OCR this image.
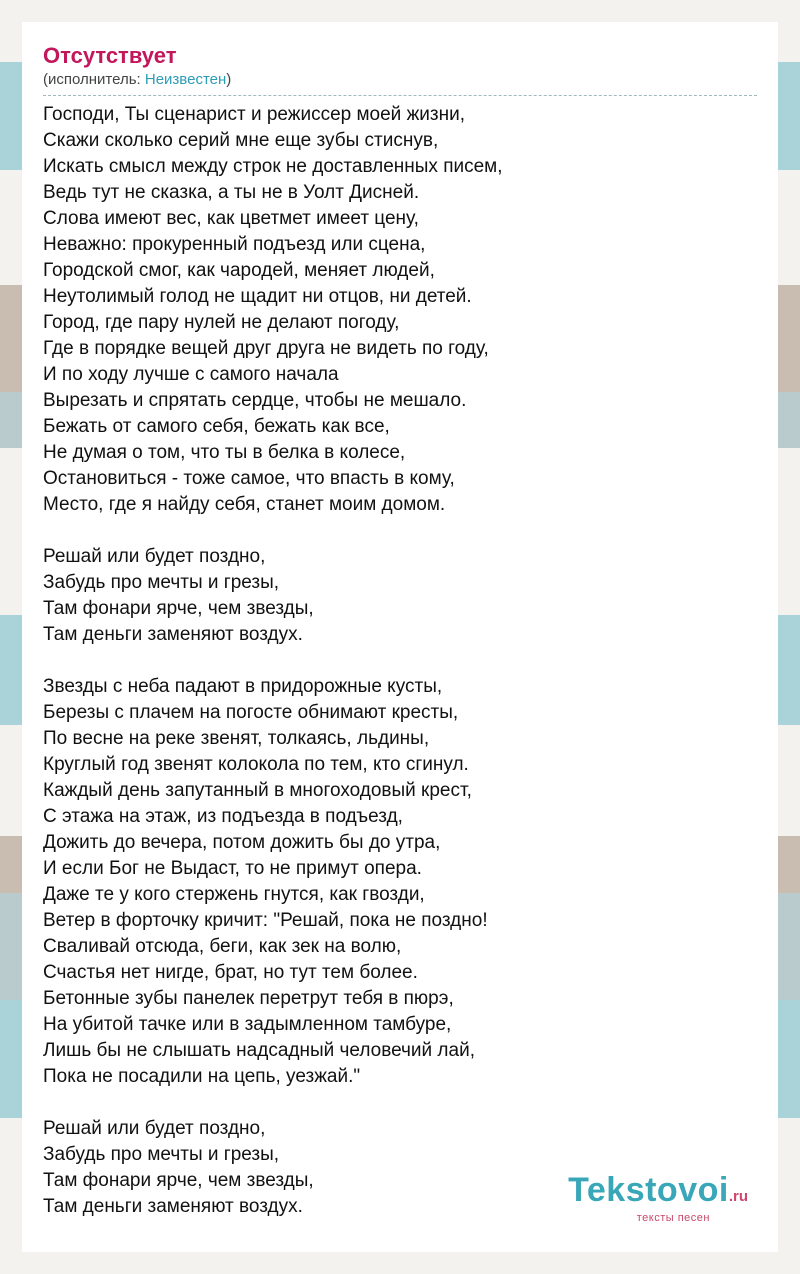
Отсутствует
(исполнитель: Неизвестен)
Господи, Ты сценарист и режиссер моей жизни,
Скажи сколько серий мне еще зубы стиснув,
Искать смысл между строк не доставленных писем,
Ведь тут не сказка, а ты не в Уолт Дисней.
Слова имеют вес, как цветмет имеет цену,
Неважно: прокуренный подъезд или сцена,
Городской смог, как чародей, меняет людей,
Неутолимый голод не щадит ни отцов, ни детей.
Город, где пару нулей не делают погоду,
Где в порядке вещей друг друга не видеть по году,
И по ходу лучше с самого начала
Вырезать и спрятать сердце, чтобы не мешало.
Бежать от самого себя, бежать как все,
Не думая о том, что ты в белка в колесе,
Остановиться - тоже самое, что впасть в кому,
Место, где я найду себя, станет моим домом.
Решай или будет поздно,
Забудь про мечты и грезы,
Там фонари ярче, чем звезды,
Там деньги заменяют воздух.
Звезды с неба падают в придорожные кусты,
Березы с плачем на погосте обнимают кресты,
По весне на реке звенят, толкаясь, льдины,
Круглый год звенят колокола по тем, кто сгинул.
Каждый день запутанный в многоходовый крест,
С этажа на этаж, из подъезда в подъезд,
Дожить до вечера, потом дожить бы до утра,
И если Бог не Выдаст, то не примут опера.
Даже те у кого стержень гнутся, как гвозди,
Ветер в форточку кричит: "Решай, пока не поздно!
Сваливай отсюда, беги, как зек на волю,
Счастья нет нигде, брат, но тут тем более.
Бетонные зубы панелек перетрут тебя в пюрэ,
На убитой тачке или в задымленном тамбуре,
Лишь бы не слышать надсадный человечий лай,
Пока не посадили на цепь, уезжай."
Решай или будет поздно,
Забудь про мечты и грезы,
Там фонари ярче, чем звезды,
Там деньги заменяют воздух.	Tekstovoi.ru
тексты песен
